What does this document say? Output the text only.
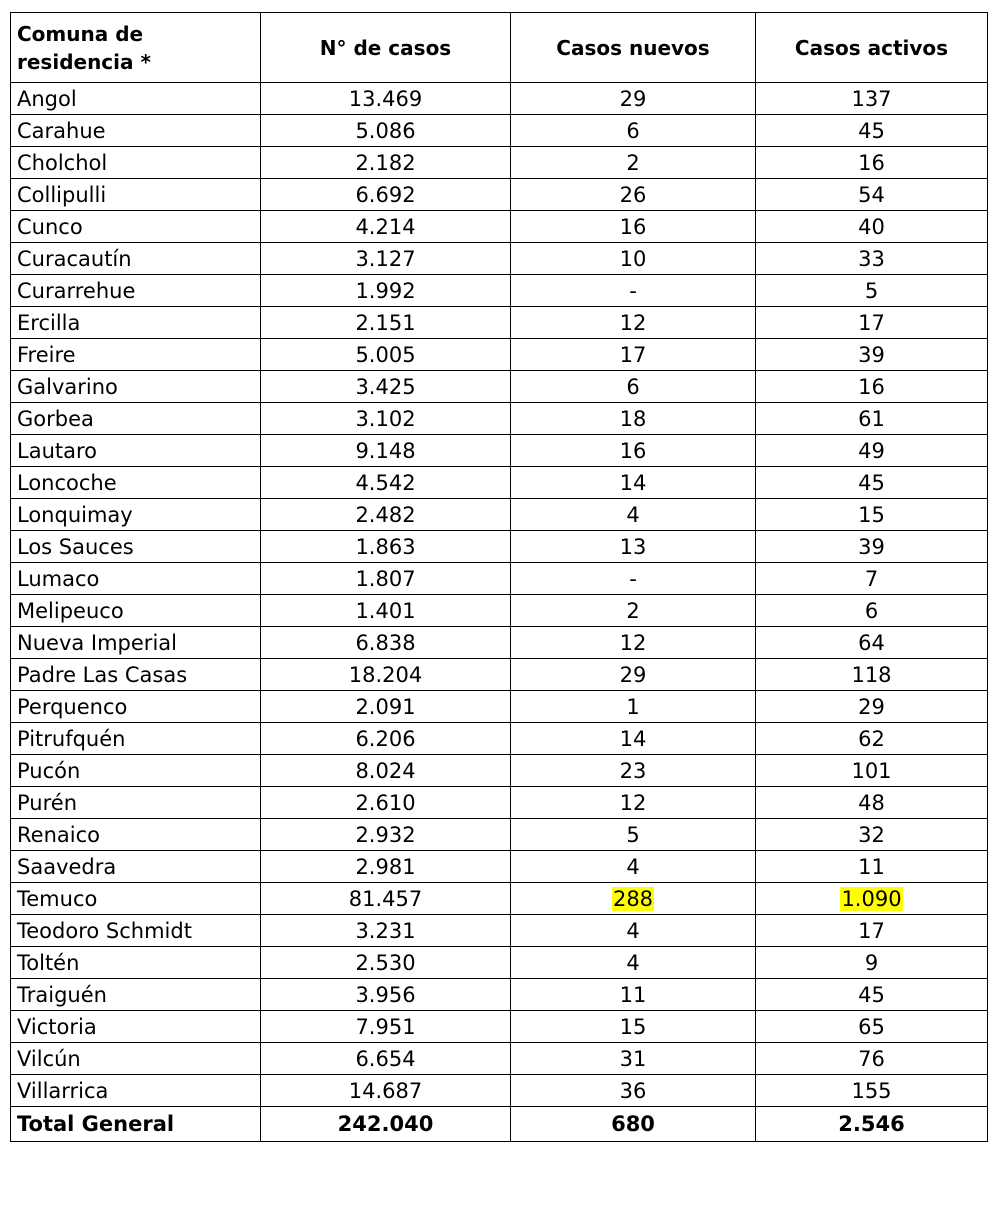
Comuna de residencia *	N° de casos	Casos nuevos	Casos activos
Angol	13.469	29	137
Carahue	5.086	6	45
Cholchol	2.182	2	16
Collipulli	6.692	26	54
Cunco	4.214	16	40
Curacautín	3.127	10	33
Curarrehue	1.992	-	5
Ercilla	2.151	12	17
Freire	5.005	17	39
Galvarino	3.425	6	16
Gorbea	3.102	18	61
Lautaro	9.148	16	49
Loncoche	4.542	14	45
Lonquimay	2.482	4	15
Los Sauces	1.863	13	39
Lumaco	1.807	-	7
Melipeuco	1.401	2	6
Nueva Imperial	6.838	12	64
Padre Las Casas	18.204	29	118
Perquenco	2.091	1	29
Pitrufquén	6.206	14	62
Pucón	8.024	23	101
Purén	2.610	12	48
Renaico	2.932	5	32
Saavedra	2.981	4	11
Temuco	81.457	288	1.090
Teodoro Schmidt	3.231	4	17
Toltén	2.530	4	9
Traiguén	3.956	11	45
Victoria	7.951	15	65
Vilcún	6.654	31	76
Villarrica	14.687	36	155
Total General	242.040	680	2.546
